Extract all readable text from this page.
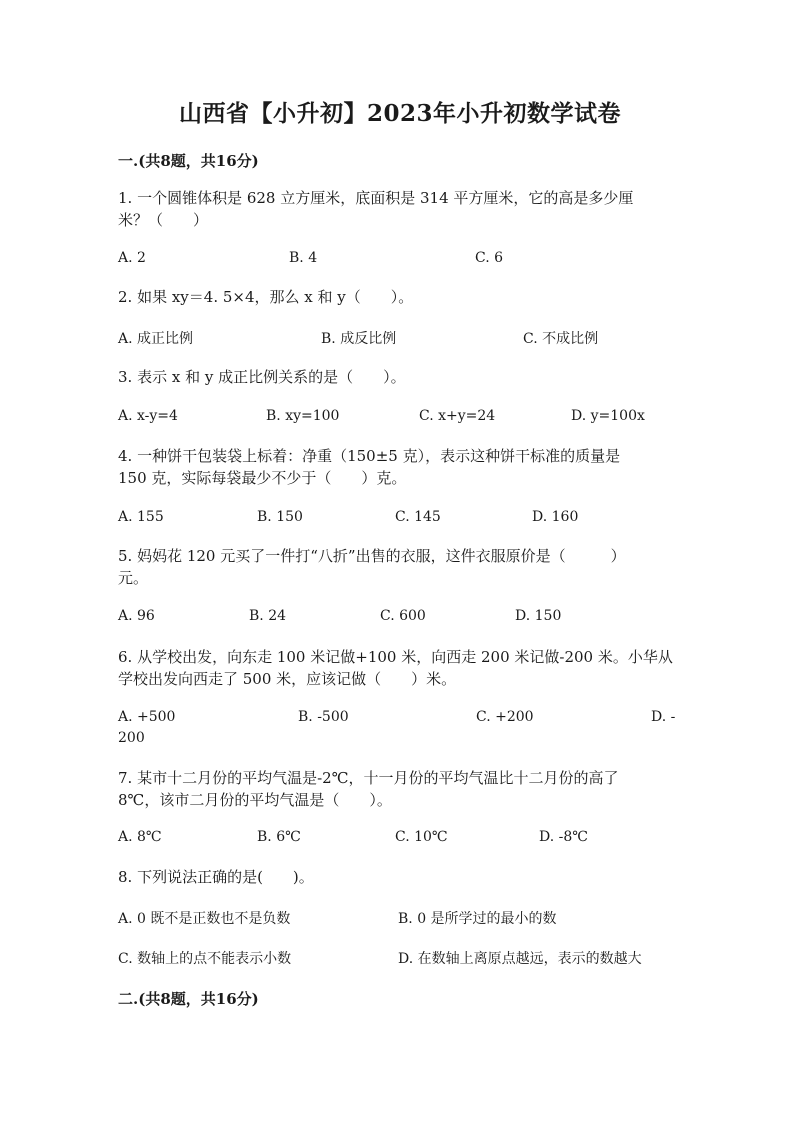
山西省【小升初】2023年小升初数学试卷
一.(共8题，共16分)
1. 一个圆锥体积是 628 立方厘米，底面积是 314 平方厘米，它的高是多少厘
米？（　　）
A. 2	B. 4	C. 6
2. 如果 xy＝4. 5×4，那么 x 和 y（　　）。
A. 成正比例	B. 成反比例	C. 不成比例
3. 表示 x 和 y 成正比例关系的是（　　）。
A. x-y=4	B. xy=100	C. x+y=24	D. y=100x
4. 一种饼干包装袋上标着：净重（150±5 克），表示这种饼干标准的质量是
150 克，实际每袋最少不少于（　　）克。
A. 155	B. 150	C. 145	D. 160
5. 妈妈花 120 元买了一件打“八折”出售的衣服，这件衣服原价是（　　　）
元。
A. 96	B. 24	C. 600	D. 150
6. 从学校出发，向东走 100 米记做+100 米，向西走 200 米记做-200 米。小华从
学校出发向西走了 500 米，应该记做（　　）米。
A. +500	B. -500	C. +200	D. -
200
7. 某市十二月份的平均气温是-2℃，十一月份的平均气温比十二月份的高了
8℃，该市二月份的平均气温是（　　）。
A. 8℃	B. 6℃	C. 10℃	D. -8℃
8. 下列说法正确的是(　　)。
A. 0 既不是正数也不是负数	B. 0 是所学过的最小的数
C. 数轴上的点不能表示小数	D. 在数轴上离原点越远，表示的数越大
二.(共8题，共16分)
